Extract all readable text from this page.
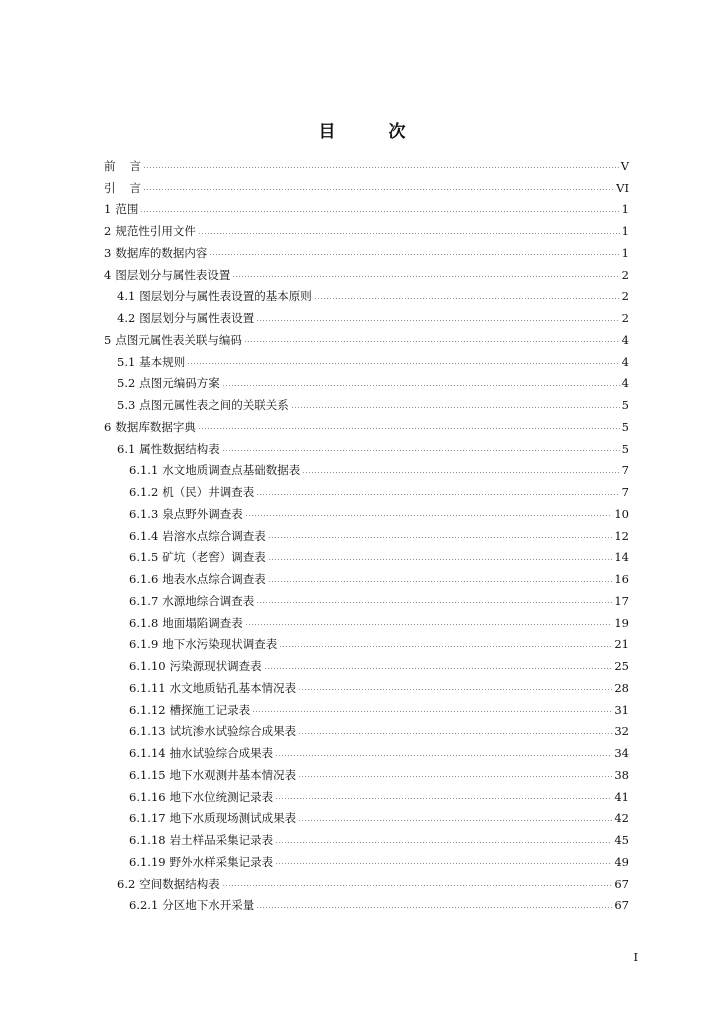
目　次
前 言	V
引 言	VI
1 范围	1
2 规范性引用文件	1
3 数据库的数据内容	1
4 图层划分与属性表设置	2
4.1 图层划分与属性表设置的基本原则	2
4.2 图层划分与属性表设置	2
5 点图元属性表关联与编码	4
5.1 基本规则	4
5.2 点图元编码方案	4
5.3 点图元属性表之间的关联关系	5
6 数据库数据字典	5
6.1 属性数据结构表	5
6.1.1 水文地质调查点基础数据表	7
6.1.2 机（民）井调查表	7
6.1.3 泉点野外调查表	10
6.1.4 岩溶水点综合调查表	12
6.1.5 矿坑（老窖）调查表	14
6.1.6 地表水点综合调查表	16
6.1.7 水源地综合调查表	17
6.1.8 地面塌陷调查表	19
6.1.9 地下水污染现状调查表	21
6.1.10 污染源现状调查表	25
6.1.11 水文地质钻孔基本情况表	28
6.1.12 槽探施工记录表	31
6.1.13 试坑渗水试验综合成果表	32
6.1.14 抽水试验综合成果表	34
6.1.15 地下水观测井基本情况表	38
6.1.16 地下水位统测记录表	41
6.1.17 地下水质现场测试成果表	42
6.1.18 岩土样品采集记录表	45
6.1.19 野外水样采集记录表	49
6.2 空间数据结构表	67
6.2.1 分区地下水开采量	67
I
